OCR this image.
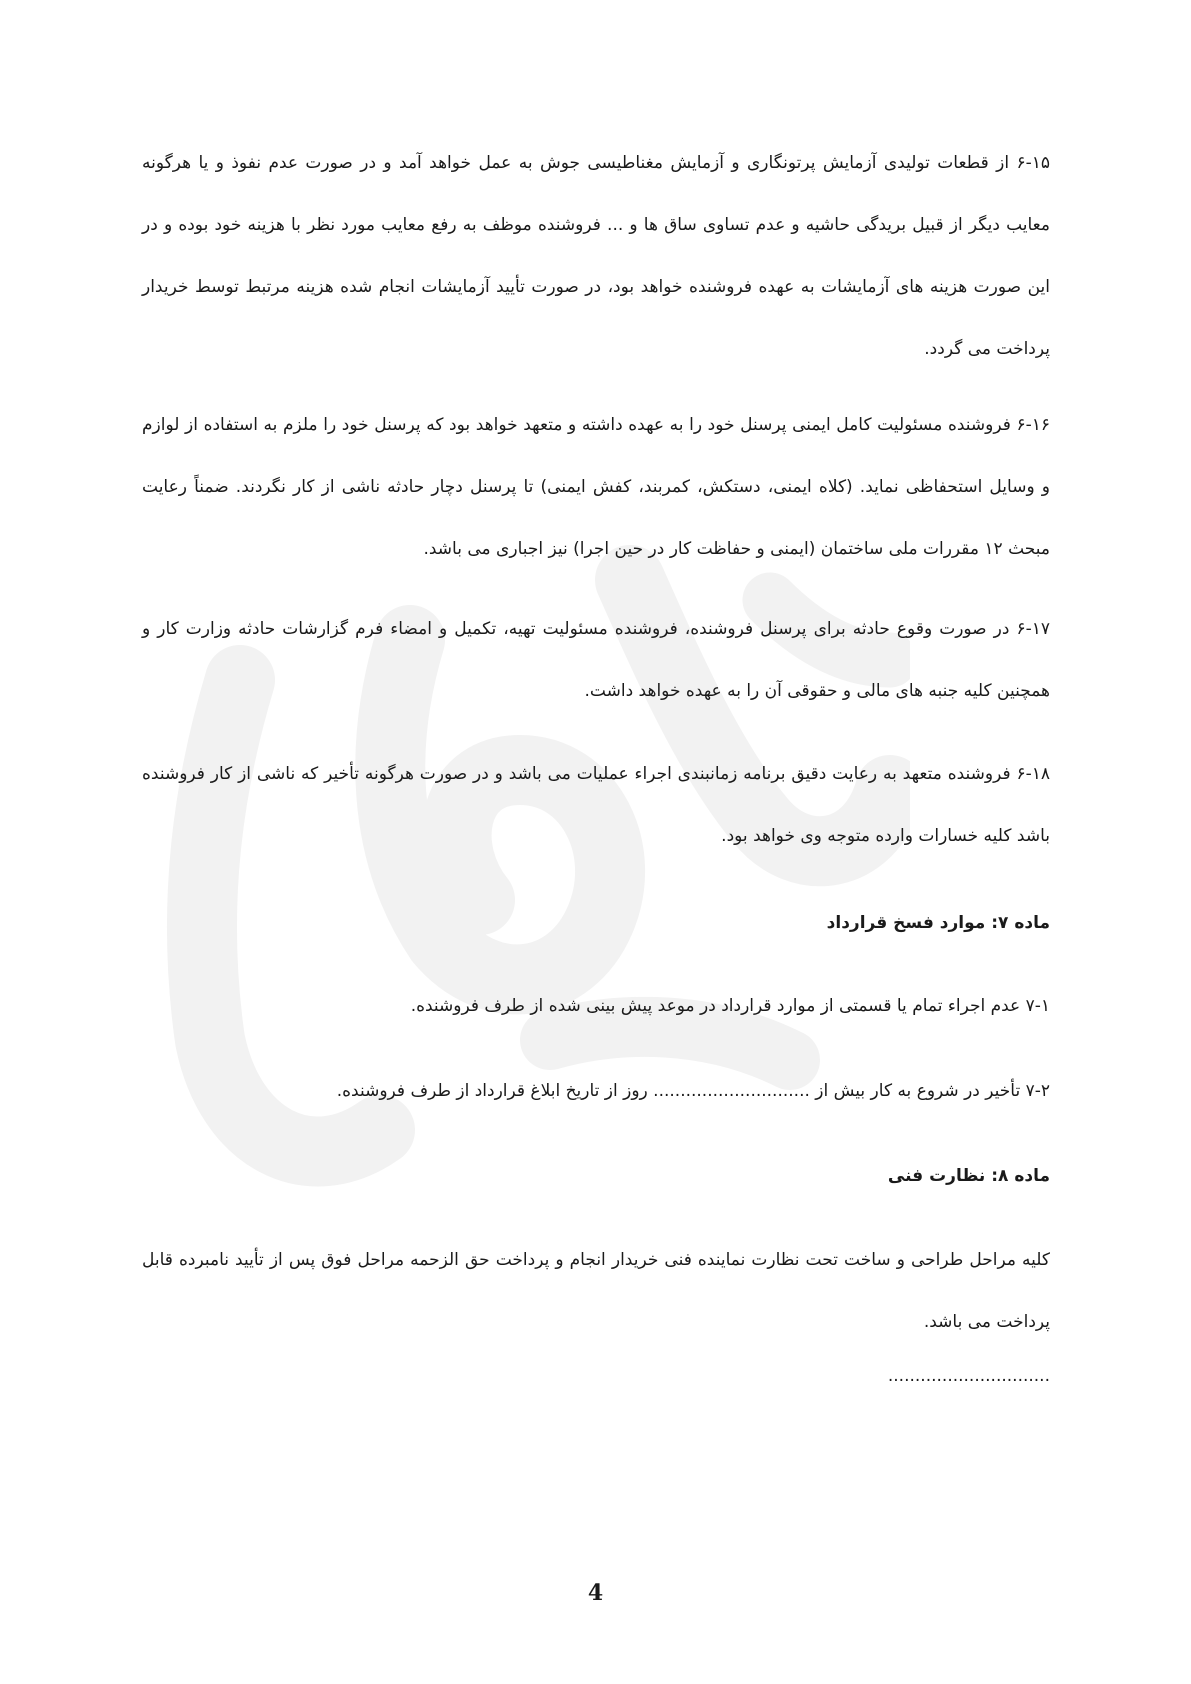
۶-۱۵ از قطعات تولیدی آزمایش پرتونگاری و آزمایش مغناطیسی جوش به عمل خواهد آمد و در صورت عدم نفوذ و یا هرگونه معایب دیگر از قبیل بریدگی حاشیه و عدم تساوی ساق ها و ... فروشنده موظف به رفع معایب مورد نظر با هزینه خود بوده و در این صورت هزینه های آزمایشات به عهده فروشنده خواهد بود، در صورت تأیید آزمایشات انجام شده هزینه مرتبط توسط خریدار پرداخت می گردد.

۶-۱۶ فروشنده مسئولیت کامل ایمنی پرسنل خود را به عهده داشته و متعهد خواهد بود که پرسنل خود را ملزم به استفاده از لوازم و وسایل استحفاظی نماید. (کلاه ایمنی، دستکش، کمربند، کفش ایمنی) تا پرسنل دچار حادثه ناشی از کار نگردند. ضمناً رعایت مبحث ۱۲ مقررات ملی ساختمان (ایمنی و حفاظت کار در حین اجرا) نیز اجباری می باشد.

۶-۱۷ در صورت وقوع حادثه برای پرسنل فروشنده، فروشنده مسئولیت تهیه، تکمیل و امضاء فرم گزارشات حادثه وزارت کار و همچنین کلیه جنبه های مالی و حقوقی آن را به عهده خواهد داشت.

۶-۱۸ فروشنده متعهد به رعایت دقیق برنامه زمانبندی اجراء عملیات می باشد و در صورت هرگونه تأخیر که ناشی از کار فروشنده باشد کلیه خسارات وارده متوجه وی خواهد بود.

ماده ۷: موارد فسخ قرارداد

۷-۱ عدم اجراء تمام یا قسمتی از موارد قرارداد در موعد پیش بینی شده از طرف فروشنده.

۷-۲ تأخیر در شروع به کار بیش از ............................. روز از تاریخ ابلاغ قرارداد از طرف فروشنده.

ماده ۸: نظارت فنی

کلیه مراحل طراحی و ساخت تحت نظارت نماینده فنی خریدار انجام و پرداخت حق الزحمه مراحل فوق پس از تأیید نامبرده قابل پرداخت می باشد.

..............................

4
